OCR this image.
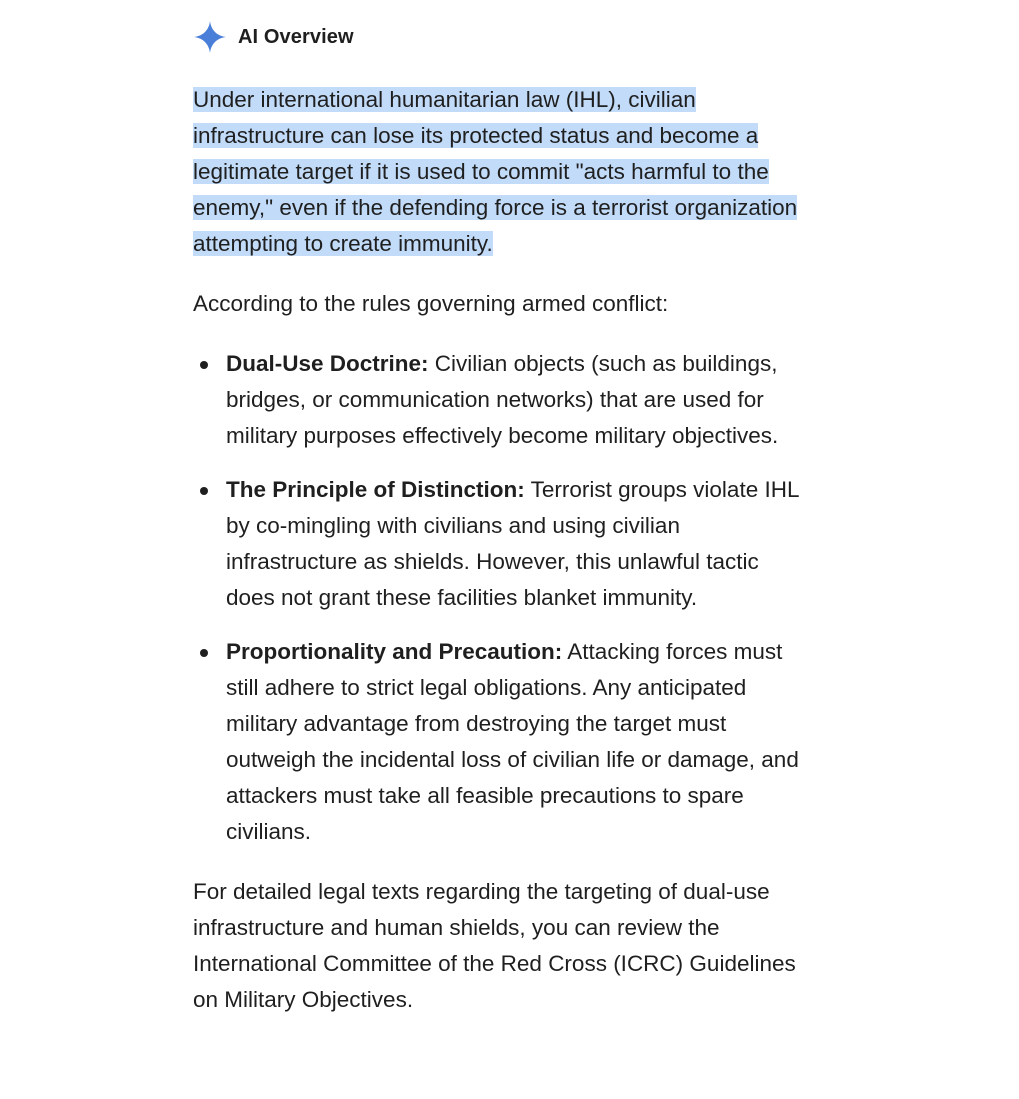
AI Overview

Under international humanitarian law (IHL), civilian infrastructure can lose its protected status and become a legitimate target if it is used to commit "acts harmful to the enemy," even if the defending force is a terrorist organization attempting to create immunity.

According to the rules governing armed conflict:

Dual-Use Doctrine: Civilian objects (such as buildings, bridges, or communication networks) that are used for military purposes effectively become military objectives.
The Principle of Distinction: Terrorist groups violate IHL by co-mingling with civilians and using civilian infrastructure as shields. However, this unlawful tactic does not grant these facilities blanket immunity.
Proportionality and Precaution: Attacking forces must still adhere to strict legal obligations. Any anticipated military advantage from destroying the target must outweigh the incidental loss of civilian life or damage, and attackers must take all feasible precautions to spare civilians.

For detailed legal texts regarding the targeting of dual-use infrastructure and human shields, you can review the International Committee of the Red Cross (ICRC) Guidelines on Military Objectives.
